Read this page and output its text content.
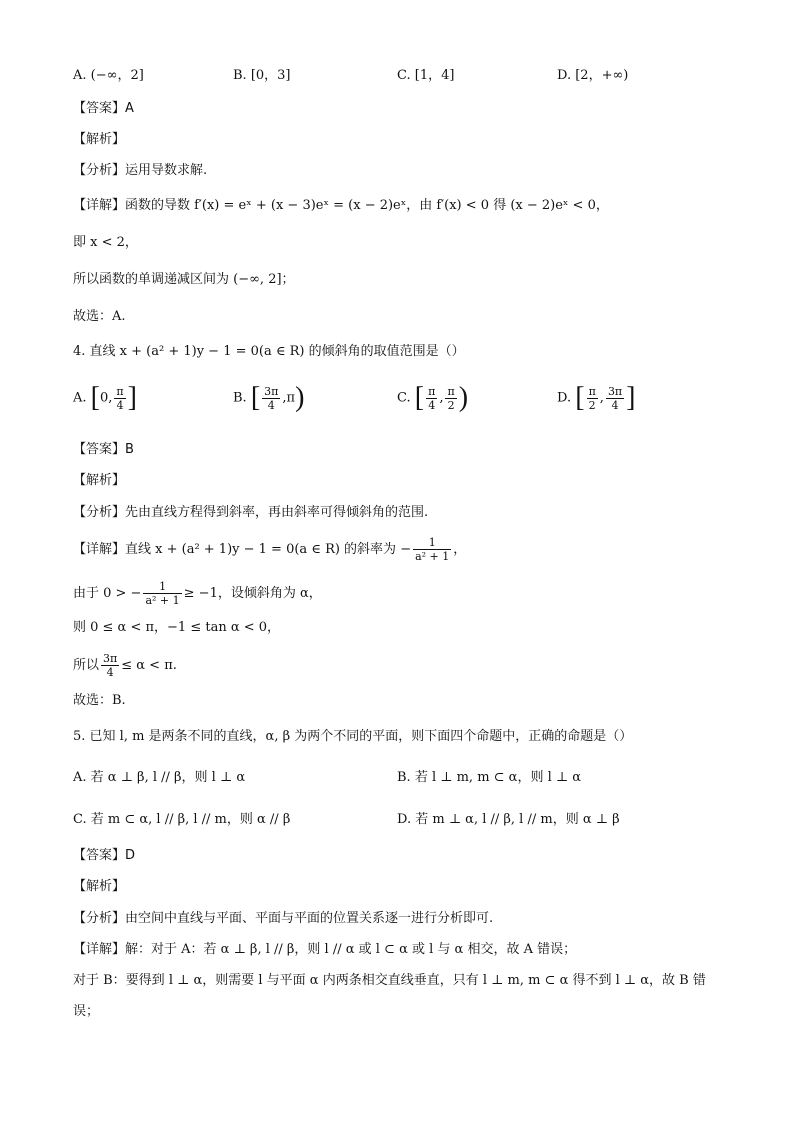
A. (−∞，2]	B. [0，3]	C. [1，4]	D. [2，+∞)
【答案】A
【解析】
【分析】运用导数求解.
【详解】函数的导数 f′(x) = eˣ + (x − 3)eˣ = (x − 2)eˣ，由 f′(x) < 0 得 (x − 2)eˣ < 0，
即 x < 2，
所以函数的单调递减区间为 (−∞, 2]；
故选：A.
4. 直线 x + (a² + 1)y − 1 = 0(a ∈ R) 的倾斜角的取值范围是（）
A. [0, $\frac{\pi}{4}$ ]	B. [ $\frac{3\pi}{4} ,\pi$)	C. [ $\frac{\pi}{4}$ , $\frac{\pi}{2}$ )	D. [ $\frac{\pi}{2}$ , $\frac{3\pi}{4}$ ]
【答案】B
【解析】
【分析】先由直线方程得到斜率，再由斜率可得倾斜角的范围.
【详解】直线 x + (a² + 1)y − 1 = 0(a ∈ R) 的斜率为 − $\frac{1}{\text{a² + 1}}$ ，
由于 0 > − $\frac{1}{\text{a² + 1}} \ge -1$，设倾斜角为 α，
则 0 ≤ α < π，−1 ≤ tan α < 0，
所以 $\frac{3\pi}{4} \le \alpha < \pi$.
故选：B.
5. 已知 l, m 是两条不同的直线，α, β 为两个不同的平面，则下面四个命题中，正确的命题是（）
A. 若 α ⊥ β, l // β，则 l ⊥ α	B. 若 l ⊥ m, m ⊂ α，则 l ⊥ α
C. 若 m ⊂ α, l // β, l // m，则 α // β	D. 若 m ⊥ α, l // β, l // m，则 α ⊥ β
【答案】D
【解析】
【分析】由空间中直线与平面、平面与平面的位置关系逐一进行分析即可.
【详解】解：对于 A：若 α ⊥ β, l // β，则 l // α 或 l ⊂ α 或 l 与 α 相交，故 A 错误；
对于 B：要得到 l ⊥ α，则需要 l 与平面 α 内两条相交直线垂直，只有 l ⊥ m, m ⊂ α 得不到 l ⊥ α，故 B 错
误；
